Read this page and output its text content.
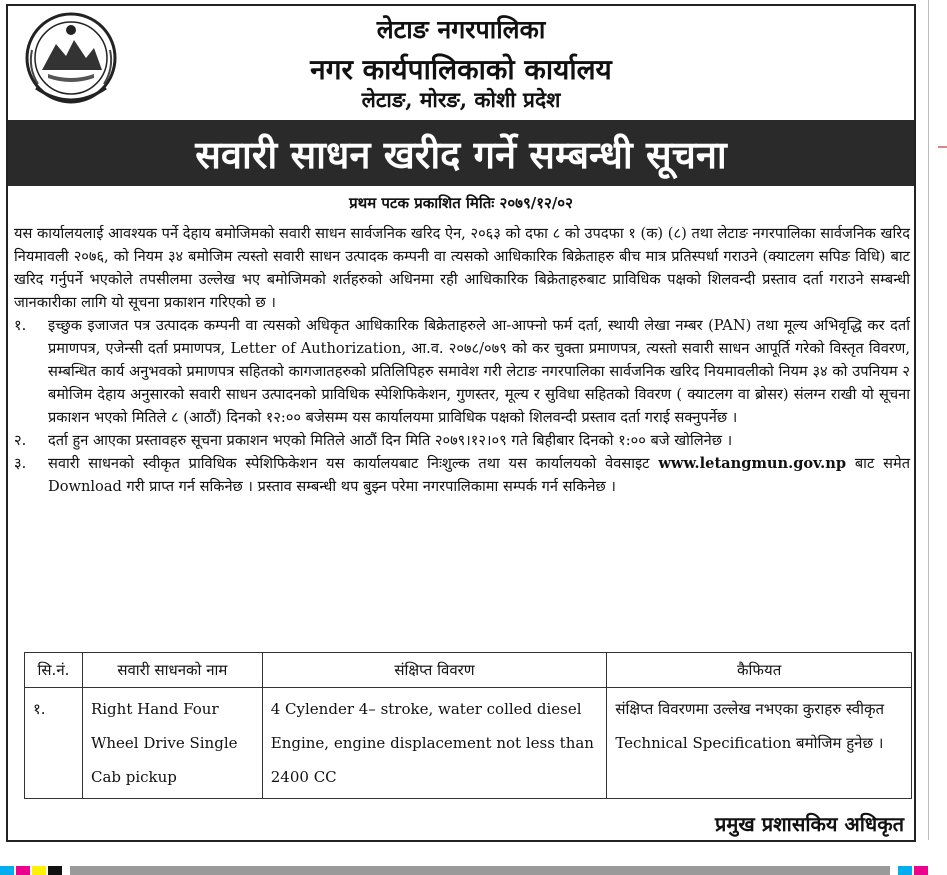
लेटाङ नगरपालिका
नगर कार्यपालिकाको कार्यालय
लेटाङ, मोरङ, कोशी प्रदेश
सवारी साधन खरीद गर्ने सम्बन्धी सूचना
प्रथम पटक प्रकाशित मितिः २०७९/१२/०२

यस कार्यालयलाई आवश्यक पर्ने देहाय बमोजिमको सवारी साधन सार्वजनिक खरिद ऐन, २०६३ को दफा ८ को उपदफा १ (क) (८) तथा लेटाङ नगरपालिका सार्वजनिक खरिद नियमावली २०७६, को नियम ३४ बमोजिम त्यस्तो सवारी साधन उत्पादक कम्पनी वा त्यसको आधिकारिक बिक्रेताहरु बीच मात्र प्रतिस्पर्धा गराउने (क्याटलग सपिङ विधि) बाट खरिद गर्नुपर्ने भएकोले तपसीलमा उल्लेख भए बमोजिमको शर्तहरुको अधिनमा रही आधिकारिक बिक्रेताहरुबाट प्राविधिक पक्षको शिलवन्दी प्रस्ताव दर्ता गराउने सम्बन्धी जानकारीका लागि यो सूचना प्रकाशन गरिएको छ ।

१.	इच्छुक इजाजत पत्र उत्पादक कम्पनी वा त्यसको अधिकृत आधिकारिक बिक्रेताहरुले आ-आफ्नो फर्म दर्ता, स्थायी लेखा नम्बर (PAN) तथा मूल्य अभिवृद्धि कर दर्ता प्रमाणपत्र, एजेन्सी दर्ता प्रमाणपत्र, Letter of Authorization, आ.व. २०७८/०७९ को कर चुक्ता प्रमाणपत्र, त्यस्तो सवारी साधन आपूर्ति गरेको विस्तृत विवरण, सम्बन्धित कार्य अनुभवको प्रमाणपत्र सहितको कागजातहरुको प्रतिलिपिहरु समावेश गरी लेटाङ नगरपालिका सार्वजनिक खरिद नियमावलीको नियम ३४ को उपनियम २ बमोजिम देहाय अनुसारको सवारी साधन उत्पादनको प्राविधिक स्पेशिफिकेशन, गुणस्तर, मूल्य र सुविधा सहितको विवरण ( क्याटलग वा ब्रोसर) संलग्न राखी यो सूचना प्रकाशन भएको मितिले ८ (आठौं) दिनको १२:०० बजेसम्म यस कार्यालयमा प्राविधिक पक्षको शिलवन्दी प्रस्ताव दर्ता गराई सक्नुपर्नेछ ।
२.	दर्ता हुन आएका प्रस्तावहरु सूचना प्रकाशन भएको मितिले आठौं दिन मिति २०७९।१२।०९ गते बिहीबार दिनको १:०० बजे खोलिनेछ ।
३.	सवारी साधनको स्वीकृत प्राविधिक स्पेशिफिकेशन यस कार्यालयबाट निःशुल्क तथा यस कार्यालयको वेवसाइट www.letangmun.gov.np बाट समेत Download गरी प्राप्त गर्न सकिनेछ । प्रस्ताव सम्बन्धी थप बुझ्न परेमा नगरपालिकामा सम्पर्क गर्न सकिनेछ ।
सि.नं.	सवारी साधनको नाम	संक्षिप्त विवरण	कैफियत
१.	Right Hand Four Wheel Drive Single Cab pickup	4 Cylender 4– stroke, water colled diesel Engine, engine displacement not less than 2400 CC	संक्षिप्त विवरणमा उल्लेख नभएका कुराहरु स्वीकृत Technical Specification बमोजिम हुनेछ ।
प्रमुख प्रशासकिय अधिकृत
